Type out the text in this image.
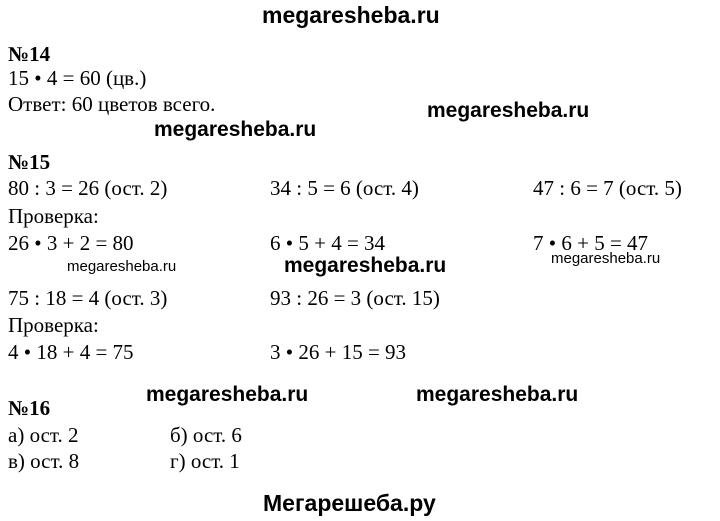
megaresheba.ru
megaresheba.ru
megaresheba.ru
megaresheba.ru	megaresheba.ru	megaresheba.ru
megaresheba.ru	megaresheba.ru
Мегарешеба.ру
№14
15 • 4 = 60 (цв.)
Ответ: 60 цветов всего.
№15
80 : 3 = 26 (ост. 2)	34 : 5 = 6 (ост. 4)	47 : 6 = 7 (ост. 5)
Проверка:
26 • 3 + 2 = 80	6 • 5 + 4 = 34	7 • 6 + 5 = 47
75 : 18 = 4 (ост. 3)	93 : 26 = 3 (ост. 15)
Проверка:
4 • 18 + 4 = 75	3 • 26 + 15 = 93
№16
а) ост. 2	б) ост. 6
в) ост. 8	г) ост. 1
